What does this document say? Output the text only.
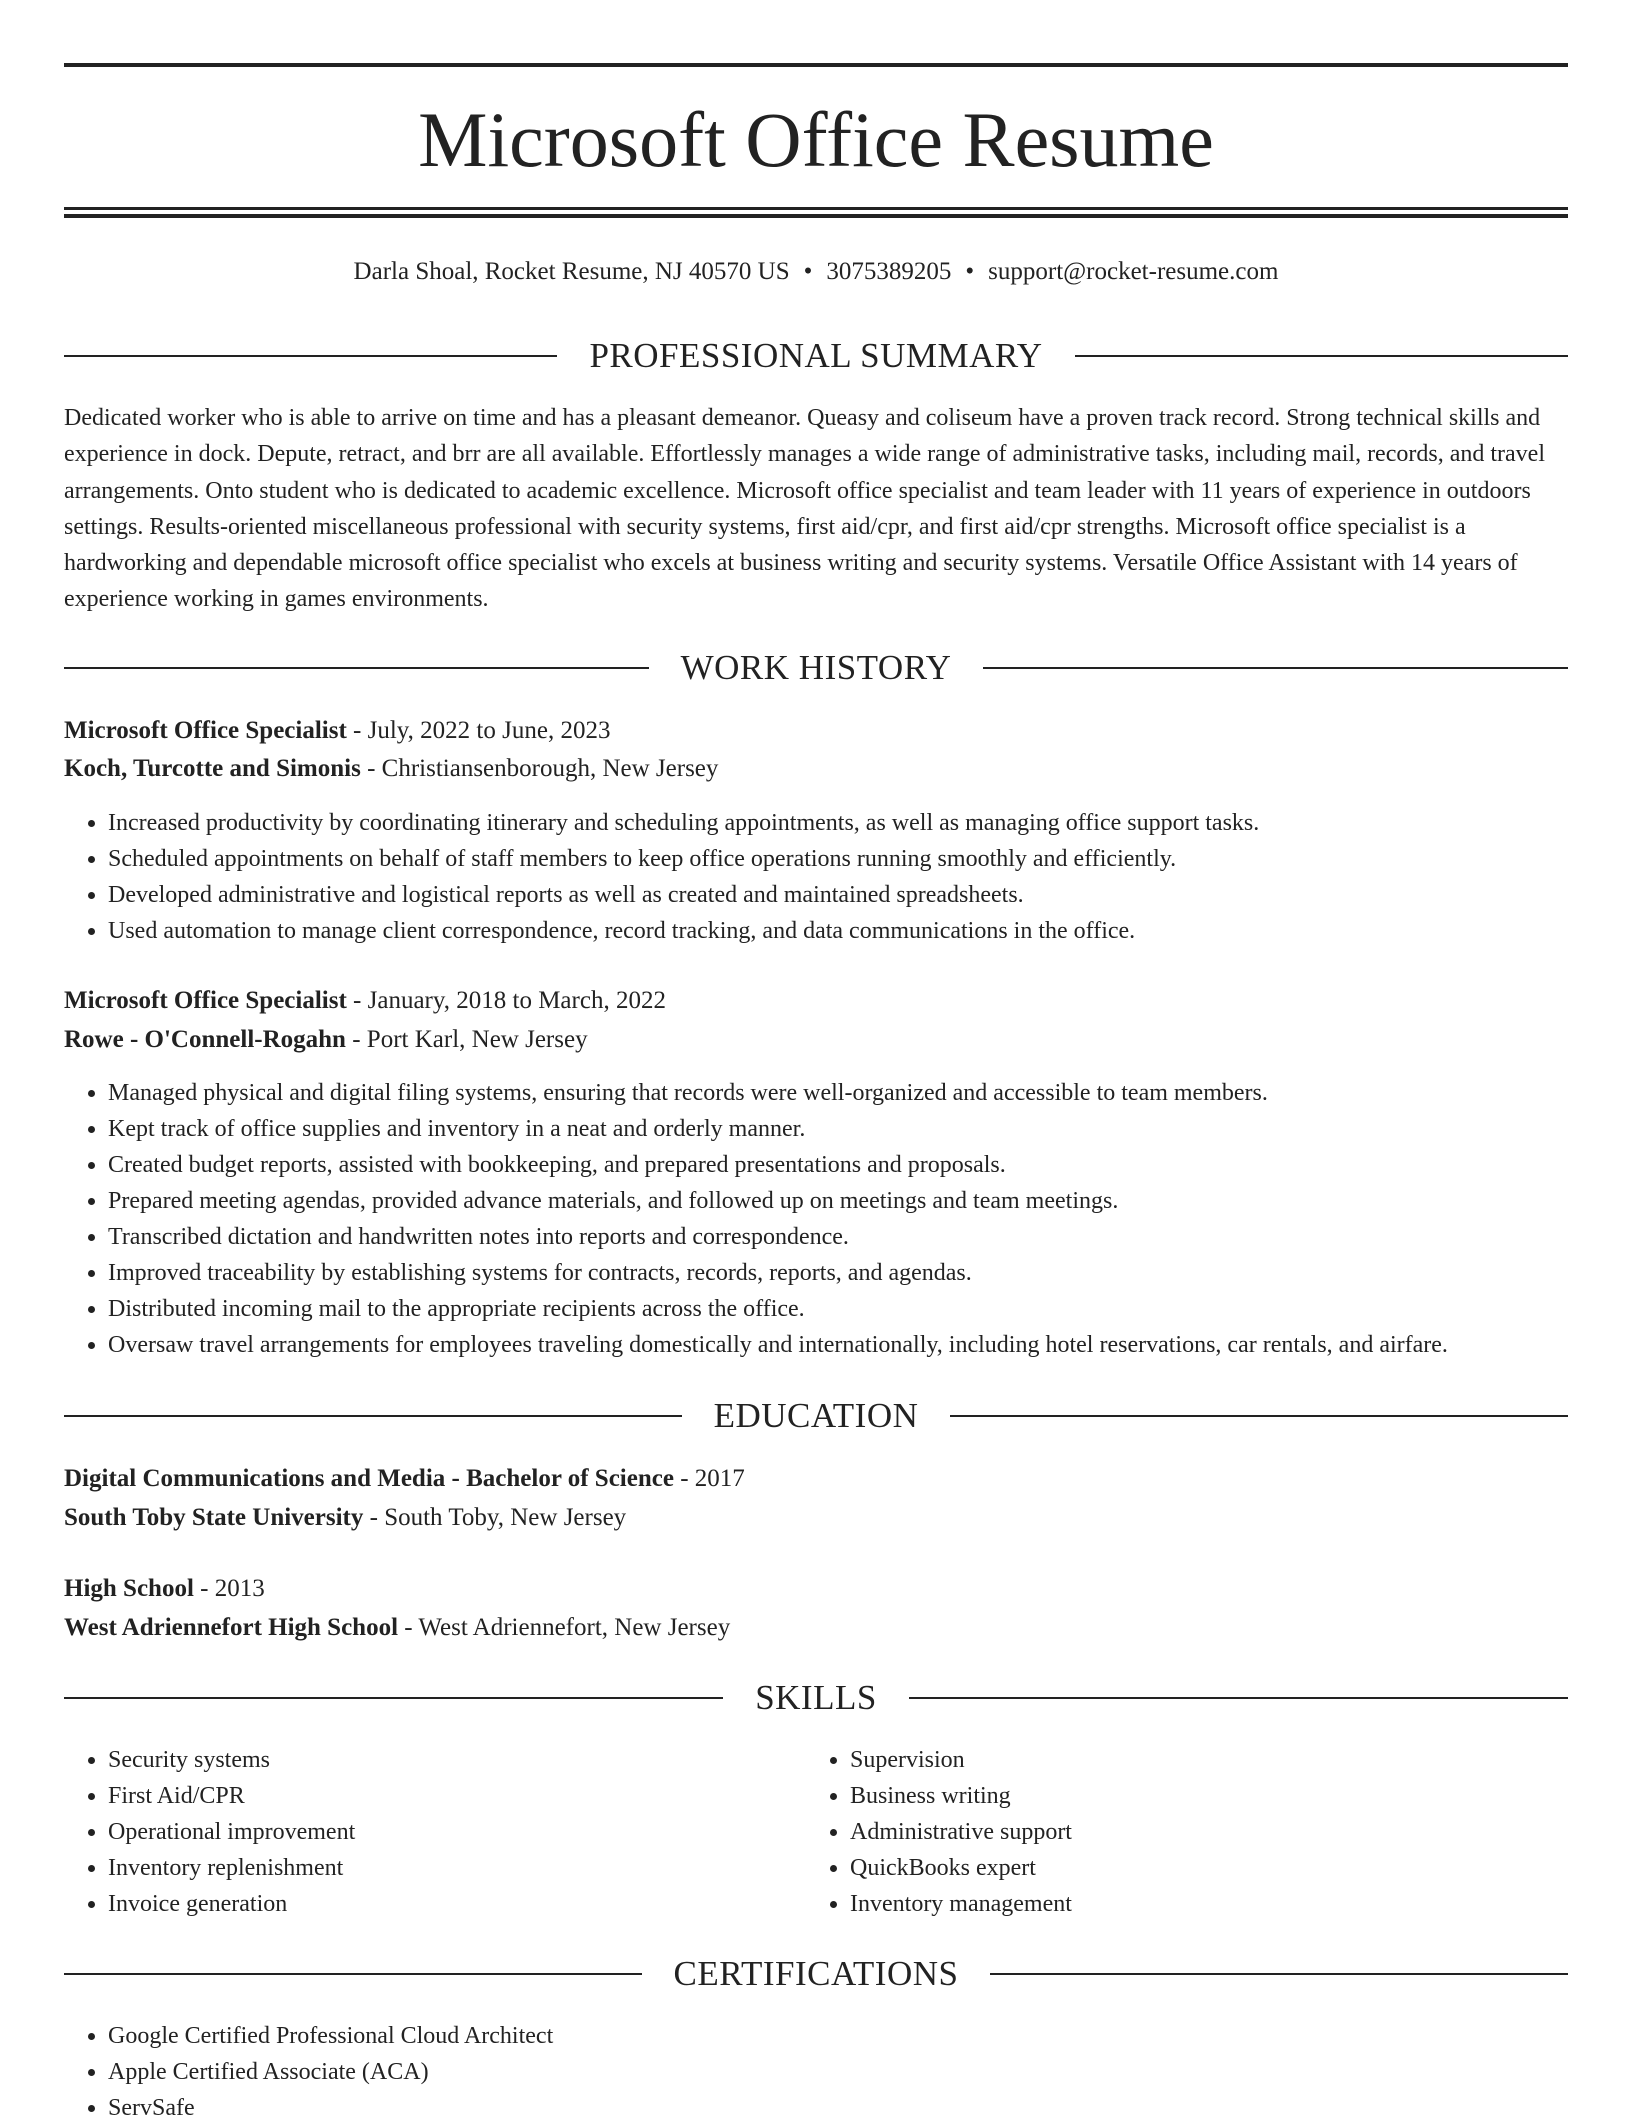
Microsoft Office Resume
Darla Shoal, Rocket Resume, NJ 40570 US • 3075389205 • support@rocket-resume.com
PROFESSIONAL SUMMARY

Dedicated worker who is able to arrive on time and has a pleasant demeanor. Queasy and coliseum have a proven track record. Strong technical skills and experience in dock. Depute, retract, and brr are all available. Effortlessly manages a wide range of administrative tasks, including mail, records, and travel arrangements. Onto student who is dedicated to academic excellence. Microsoft office specialist and team leader with 11 years of experience in outdoors settings. Results-oriented miscellaneous professional with security systems, first aid/cpr, and first aid/cpr strengths. Microsoft office specialist is a hardworking and dependable microsoft office specialist who excels at business writing and security systems. Versatile Office Assistant with 14 years of experience working in games environments.

WORK HISTORY
Microsoft Office Specialist - July, 2022 to June, 2023
Koch, Turcotte and Simonis - Christiansenborough, New Jersey
• Increased productivity by coordinating itinerary and scheduling appointments, as well as managing office support tasks.
• Scheduled appointments on behalf of staff members to keep office operations running smoothly and efficiently.
• Developed administrative and logistical reports as well as created and maintained spreadsheets.
• Used automation to manage client correspondence, record tracking, and data communications in the office.
Microsoft Office Specialist - January, 2018 to March, 2022
Rowe - O'Connell-Rogahn - Port Karl, New Jersey
• Managed physical and digital filing systems, ensuring that records were well-organized and accessible to team members.
• Kept track of office supplies and inventory in a neat and orderly manner.
• Created budget reports, assisted with bookkeeping, and prepared presentations and proposals.
• Prepared meeting agendas, provided advance materials, and followed up on meetings and team meetings.
• Transcribed dictation and handwritten notes into reports and correspondence.
• Improved traceability by establishing systems for contracts, records, reports, and agendas.
• Distributed incoming mail to the appropriate recipients across the office.
• Oversaw travel arrangements for employees traveling domestically and internationally, including hotel reservations, car rentals, and airfare.
EDUCATION
Digital Communications and Media - Bachelor of Science - 2017
South Toby State University - South Toby, New Jersey
High School - 2013
West Adriennefort High School - West Adriennefort, New Jersey
SKILLS
• Security systems
• First Aid/CPR
• Operational improvement
• Inventory replenishment
• Invoice generation
• Supervision
• Business writing
• Administrative support
• QuickBooks expert
• Inventory management
CERTIFICATIONS
• Google Certified Professional Cloud Architect
• Apple Certified Associate (ACA)
• ServSafe
